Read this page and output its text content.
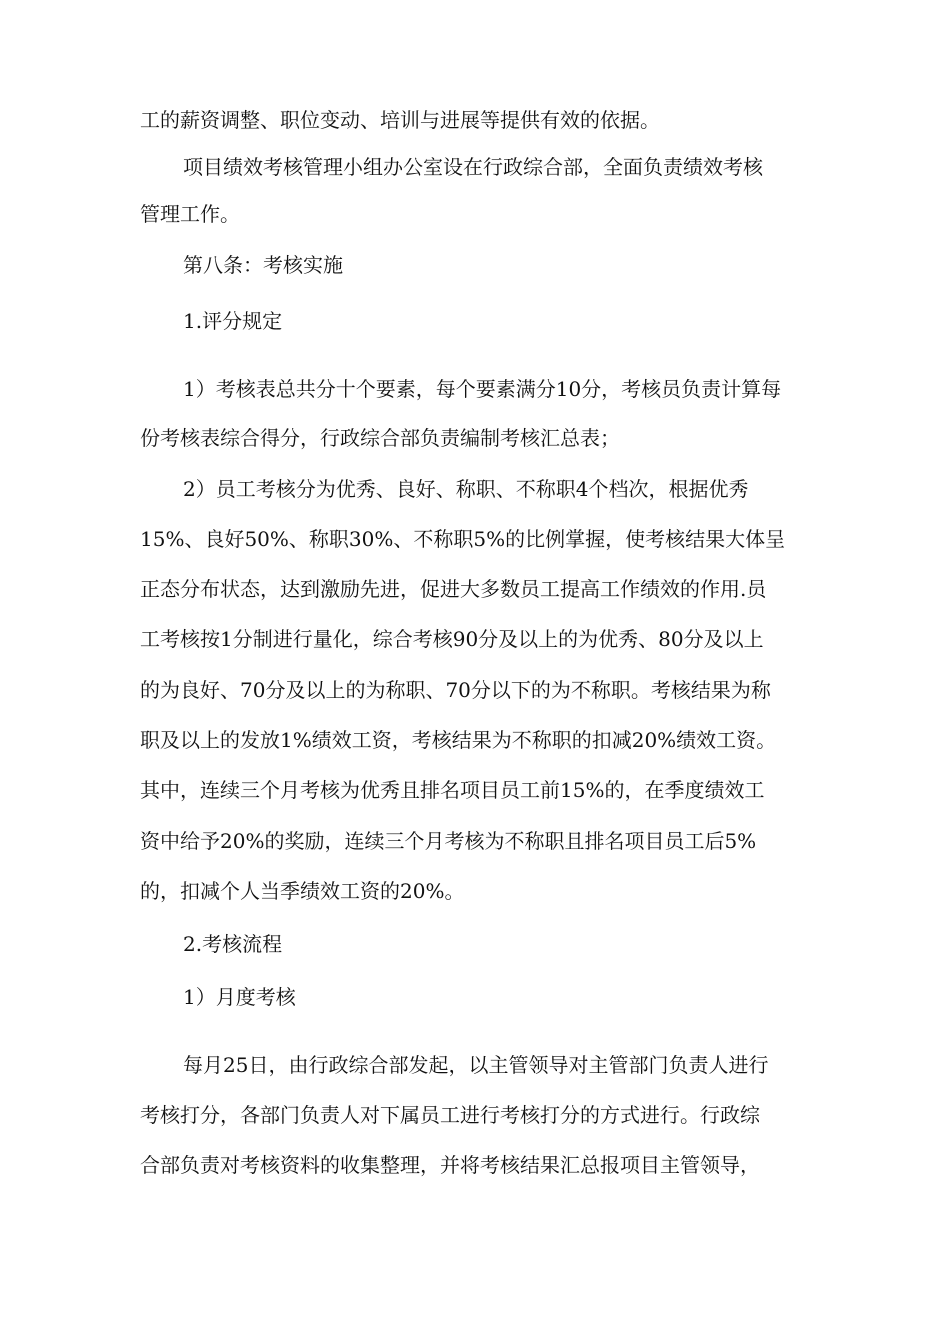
工的薪资调整、职位变动、培训与进展等提供有效的依据。

项目绩效考核管理小组办公室设在行政综合部，全面负责绩效考核

管理工作。

第八条：考核实施

1.评分规定

1）考核表总共分十个要素，每个要素满分10分，考核员负责计算每

份考核表综合得分，行政综合部负责编制考核汇总表；

2）员工考核分为优秀、良好、称职、不称职4个档次，根据优秀

15%、良好50%、称职30%、不称职5%的比例掌握，使考核结果大体呈

正态分布状态，达到激励先进，促进大多数员工提高工作绩效的作用.员

工考核按1分制进行量化，综合考核90分及以上的为优秀、80分及以上

的为良好、70分及以上的为称职、70分以下的为不称职。考核结果为称

职及以上的发放1%绩效工资，考核结果为不称职的扣减20%绩效工资。

其中，连续三个月考核为优秀且排名项目员工前15%的，在季度绩效工

资中给予20%的奖励，连续三个月考核为不称职且排名项目员工后5%

的，扣减个人当季绩效工资的20%。

2.考核流程

1）月度考核

每月25日，由行政综合部发起，以主管领导对主管部门负责人进行

考核打分，各部门负责人对下属员工进行考核打分的方式进行。行政综

合部负责对考核资料的收集整理，并将考核结果汇总报项目主管领导，
